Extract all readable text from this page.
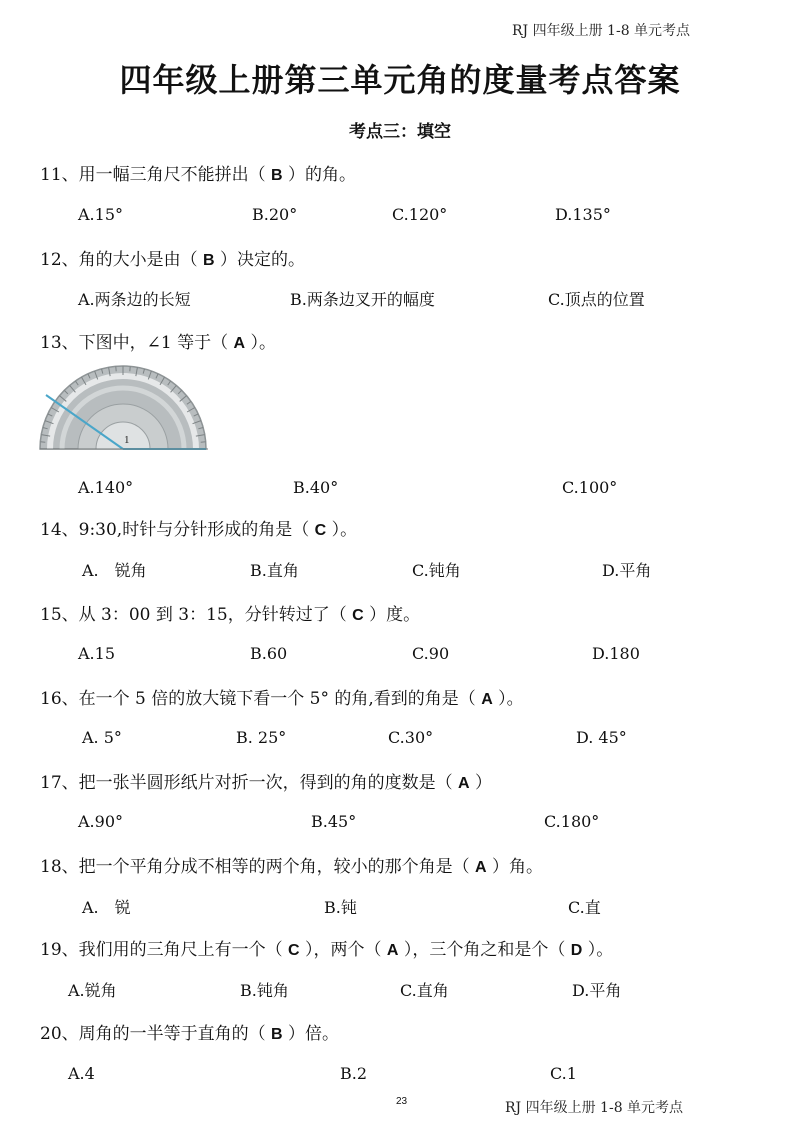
RJ 四年级上册 1-8 单元考点
四年级上册第三单元角的度量考点答案
考点三：填空
11、用一幅三角尺不能拼出（ B ）的角。
A.15°	B.20°	C.120°	D.135°
12、角的大小是由（ B ）决定的。
A.两条边的长短	B.两条边叉开的幅度	C.顶点的位置
13、下图中，∠1 等于（ A ）。
1
A.140°	B.40°	C.100°
14、9:30,时针与分针形成的角是（ C ）。
A.　锐角	B.直角	C.钝角	D.平角
15、从 3：00 到 3：15，分针转过了（ C ）度。
A.15	B.60	C.90	D.180
16、在一个 5 倍的放大镜下看一个 5° 的角,看到的角是（ A ）。
A. 5°	B. 25°	C.30°	D. 45°
17、把一张半圆形纸片对折一次，得到的角的度数是（ A ）
A.90°	B.45°	C.180°
18、把一个平角分成不相等的两个角，较小的那个角是（ A ）角。
A.　锐	B.钝	C.直
19、我们用的三角尺上有一个（ C ），两个（ A ），三个角之和是个（ D ）。
A.锐角	B.钝角	C.直角	D.平角
20、周角的一半等于直角的（ B ）倍。
A.4	B.2	C.1
23	RJ 四年级上册 1-8 单元考点
